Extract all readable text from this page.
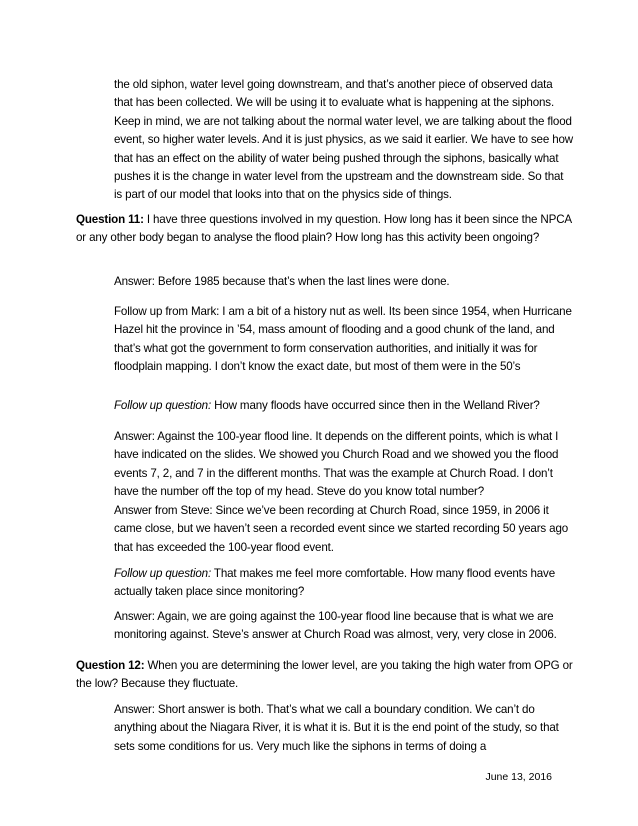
the old siphon, water level going downstream, and that’s another piece of observed data that has been collected. We will be using it to evaluate what is happening at the siphons. Keep in mind, we are not talking about the normal water level, we are talking about the flood event, so higher water levels. And it is just physics, as we said it earlier. We have to see how that has an effect on the ability of water being pushed through the siphons, basically what pushes it is the change in water level from the upstream and the downstream side. So that is part of our model that looks into that on the physics side of things.

Question 11: I have three questions involved in my question. How long has it been since the NPCA or any other body began to analyse the flood plain? How long has this activity been ongoing?

Answer: Before 1985 because that’s when the last lines were done.

Follow up from Mark: I am a bit of a history nut as well. Its been since 1954, when Hurricane Hazel hit the province in ’54, mass amount of flooding and a good chunk of the land, and that’s what got the government to form conservation authorities, and initially it was for floodplain mapping. I don’t know the exact date, but most of them were in the 50’s

Follow up question: How many floods have occurred since then in the Welland River?

Answer: Against the 100-year flood line. It depends on the different points, which is what I have indicated on the slides. We showed you Church Road and we showed you the flood events 7, 2, and 7 in the different months. That was the example at Church Road. I don’t have the number off the top of my head. Steve do you know total number?

Answer from Steve: Since we’ve been recording at Church Road, since 1959, in 2006 it came close, but we haven’t seen a recorded event since we started recording 50 years ago that has exceeded the 100-year flood event.

Follow up question: That makes me feel more comfortable. How many flood events have actually taken place since monitoring?

Answer: Again, we are going against the 100-year flood line because that is what we are monitoring against. Steve’s answer at Church Road was almost, very, very close in 2006.

Question 12: When you are determining the lower level, are you taking the high water from OPG or the low? Because they fluctuate.

Answer: Short answer is both. That’s what we call a boundary condition. We can’t do anything about the Niagara River, it is what it is. But it is the end point of the study, so that sets some conditions for us. Very much like the siphons in terms of doing a

June 13, 2016
